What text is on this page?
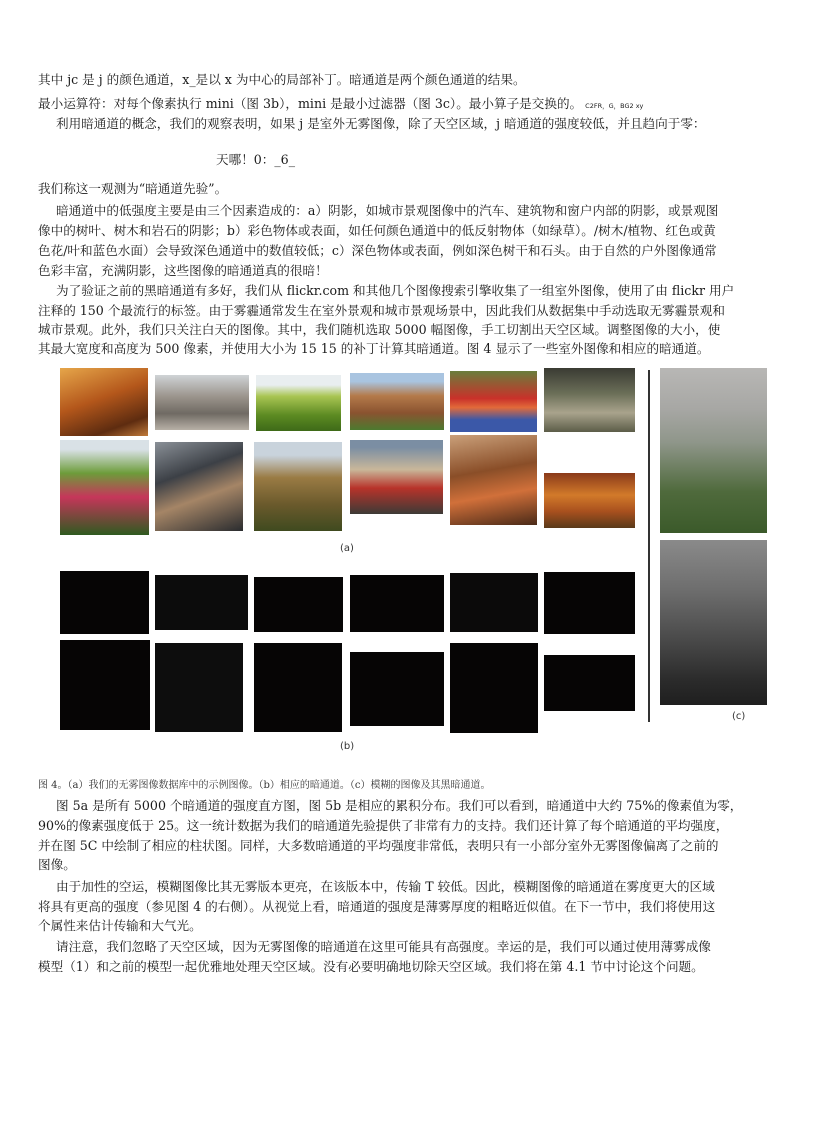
其中 jc 是 j 的颜色通道，x_是以 x 为中心的局部补丁。暗通道是两个颜色通道的结果。
最小运算符：对每个像素执行 mini（图 3b），mini 是最小过滤器（图 3c）。最小算子是交换的。 C2FR，G，BG2 xy
利用暗通道的概念，我们的观察表明，如果 j 是室外无雾图像，除了天空区域，j 暗通道的强度较低，并且趋向于零：
天哪！0：_6_
我们称这一观测为“暗通道先验”。
暗通道中的低强度主要是由三个因素造成的：a）阴影，如城市景观图像中的汽车、建筑物和窗户内部的阴影，或景观图
像中的树叶、树木和岩石的阴影；b）彩色物体或表面，如任何颜色通道中的低反射物体（如绿草）。/树木/植物、红色或黄
色花/叶和蓝色水面）会导致深色通道中的数值较低；c）深色物体或表面，例如深色树干和石头。由于自然的户外图像通常
色彩丰富，充满阴影，这些图像的暗通道真的很暗！
为了验证之前的黑暗通道有多好，我们从 flickr.com 和其他几个图像搜索引擎收集了一组室外图像，使用了由 flickr 用户
注释的 150 个最流行的标签。由于雾霾通常发生在室外景观和城市景观场景中，因此我们从数据集中手动选取无雾霾景观和
城市景观。此外，我们只关注白天的图像。其中，我们随机选取 5000 幅图像，手工切割出天空区域。调整图像的大小，使
其最大宽度和高度为 500 像素，并使用大小为 15 15 的补丁计算其暗通道。图 4 显示了一些室外图像和相应的暗通道。
(a)
(b)
(c)
图 4。（a）我们的无雾图像数据库中的示例图像。（b）相应的暗通道。（c）模糊的图像及其黑暗通道。
图 5a 是所有 5000 个暗通道的强度直方图，图 5b 是相应的累积分布。我们可以看到，暗通道中大约 75%的像素值为零，
90%的像素强度低于 25。这一统计数据为我们的暗通道先验提供了非常有力的支持。我们还计算了每个暗通道的平均强度，
并在图 5C 中绘制了相应的柱状图。同样，大多数暗通道的平均强度非常低，表明只有一小部分室外无雾图像偏离了之前的
图像。
由于加性的空运，模糊图像比其无雾版本更亮，在该版本中，传输 T 较低。因此，模糊图像的暗通道在雾度更大的区域
将具有更高的强度（参见图 4 的右侧）。从视觉上看，暗通道的强度是薄雾厚度的粗略近似值。在下一节中，我们将使用这
个属性来估计传输和大气光。
请注意，我们忽略了天空区域，因为无雾图像的暗通道在这里可能具有高强度。幸运的是，我们可以通过使用薄雾成像
模型（1）和之前的模型一起优雅地处理天空区域。没有必要明确地切除天空区域。我们将在第 4.1 节中讨论这个问题。
